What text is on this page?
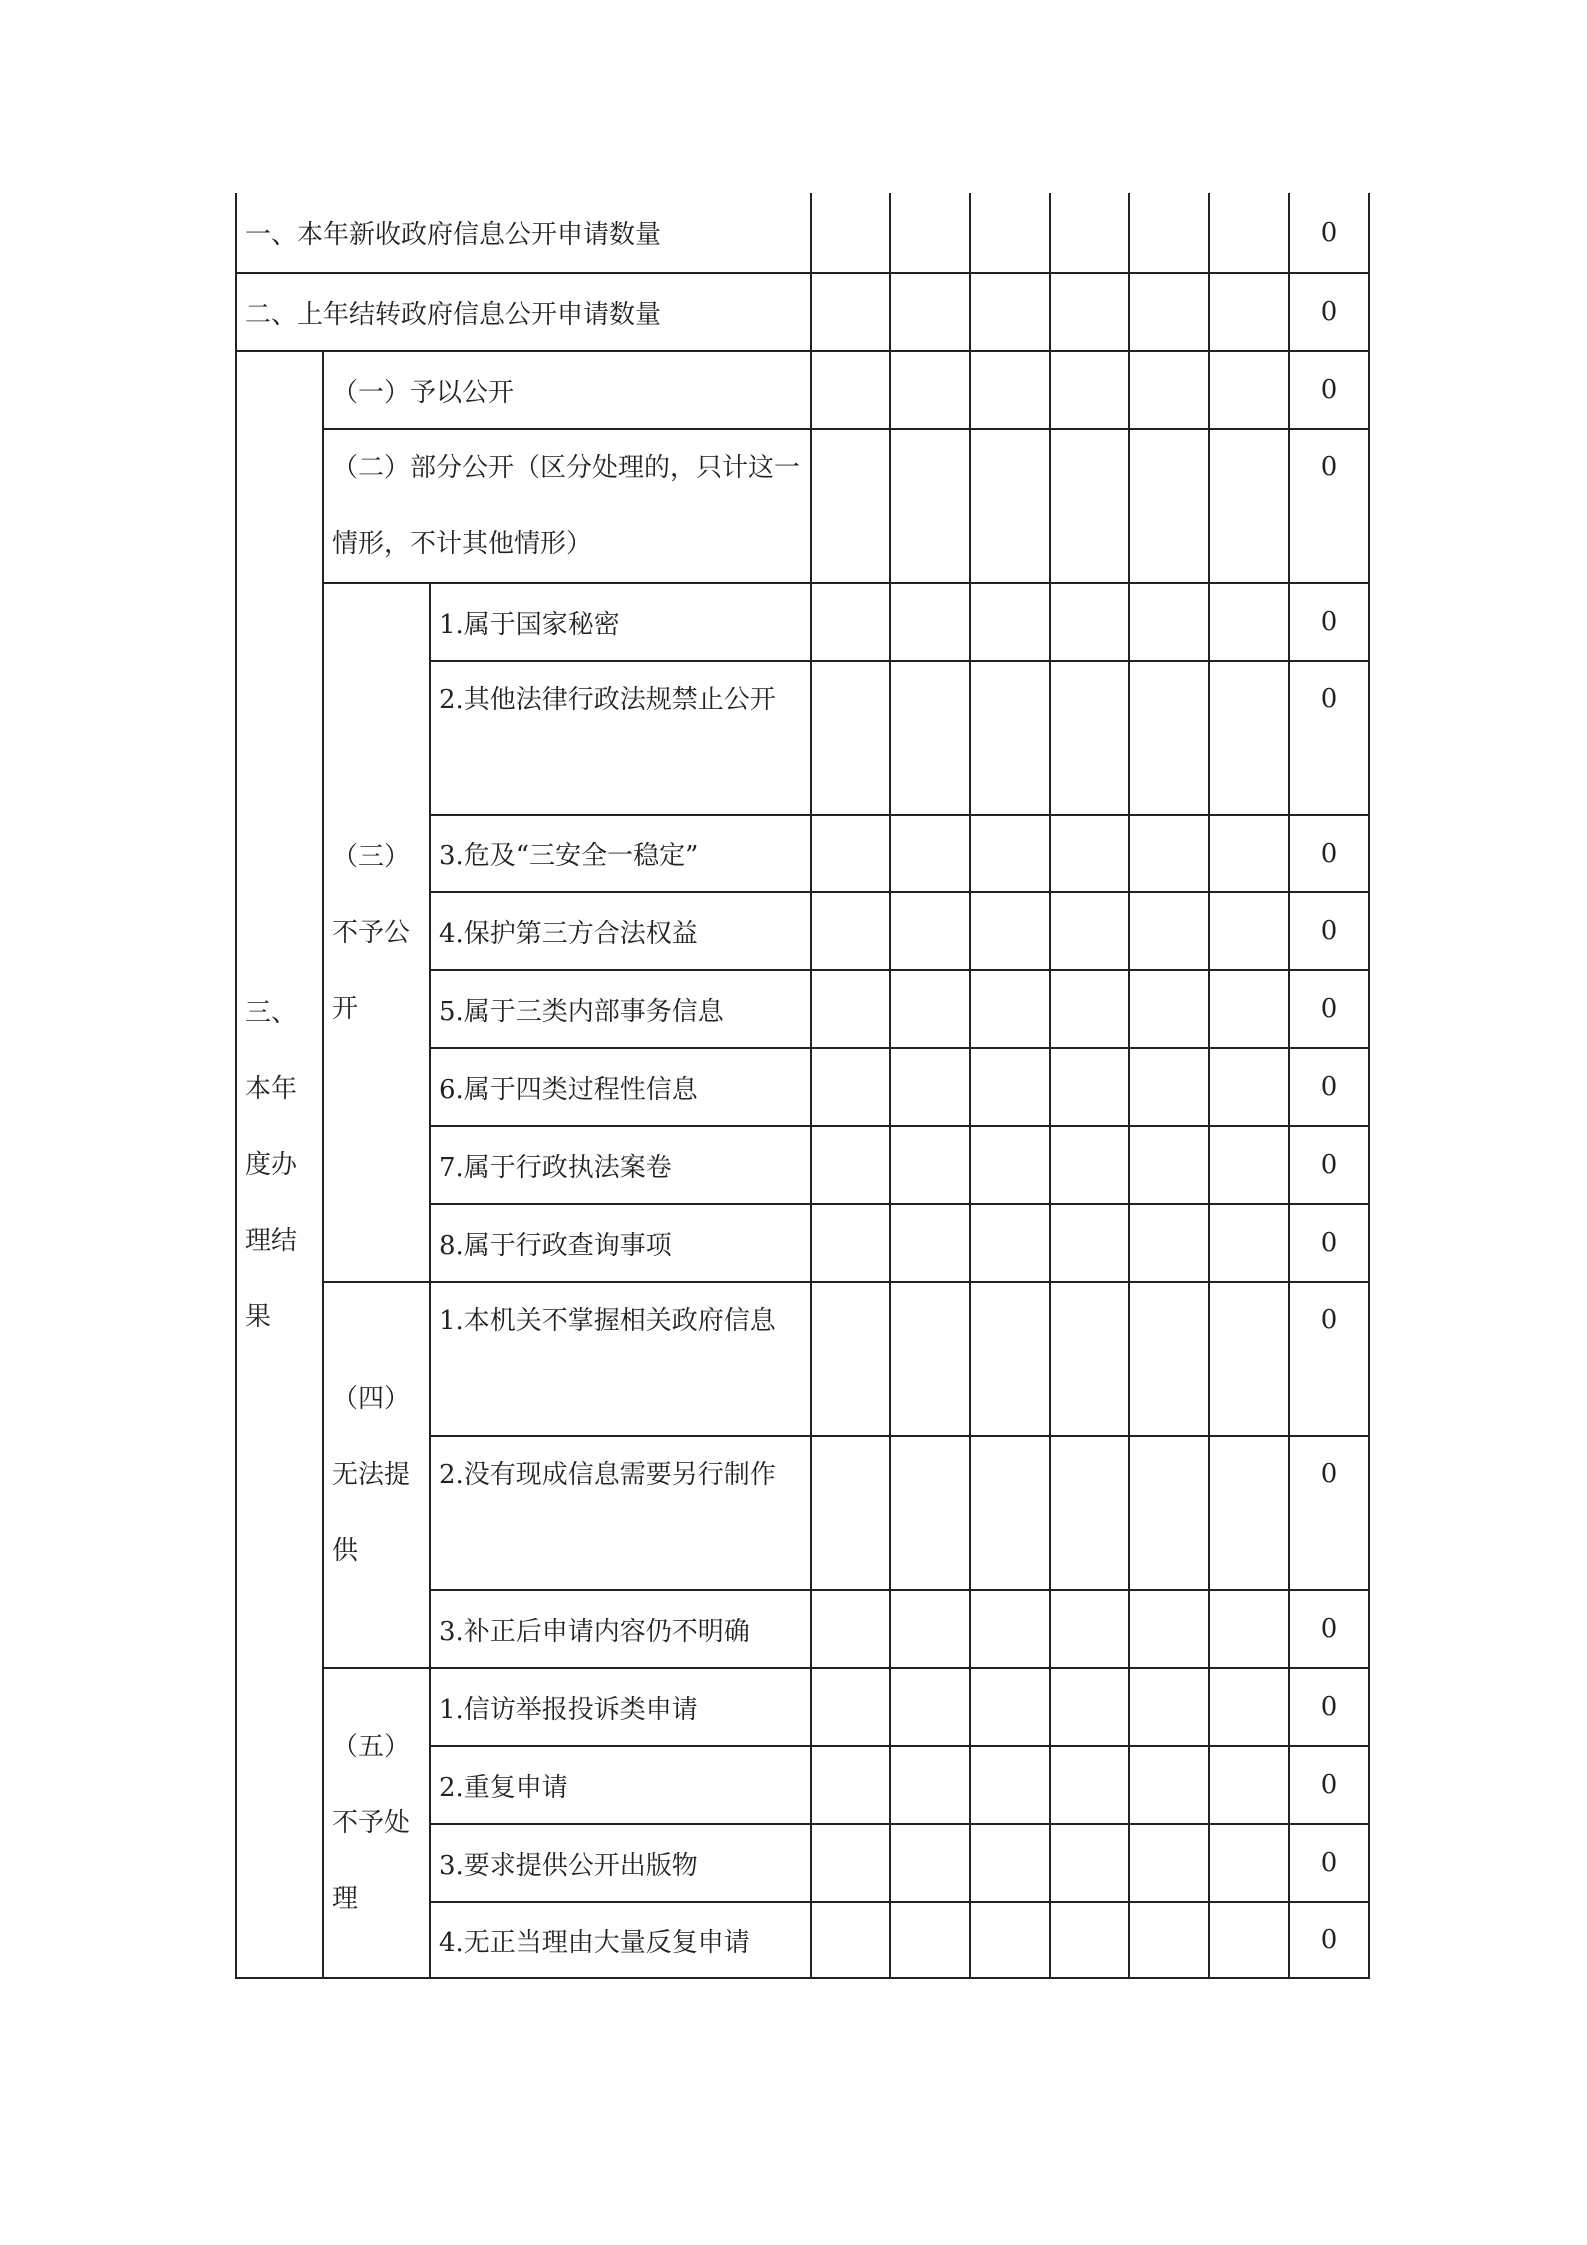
一、本年新收政府信息公开申请数量									0
二、上年结转政府信息公开申请数量									0
三、本年度办理结果	（一）予以公开								0
	（二）部分公开（区分处理的，只计这一情形，不计其他情形）								0
	（三）不予公开	1.属于国家秘密							0
		2.其他法律行政法规禁止公开							0
		3.危及“三安全一稳定”							0
		4.保护第三方合法权益							0
		5.属于三类内部事务信息							0
		6.属于四类过程性信息							0
		7.属于行政执法案卷							0
		8.属于行政查询事项							0
	（四）无法提供	1.本机关不掌握相关政府信息							0
		2.没有现成信息需要另行制作							0
		3.补正后申请内容仍不明确							0
	（五）不予处理	1.信访举报投诉类申请							0
		2.重复申请							0
		3.要求提供公开出版物							0
		4.无正当理由大量反复申请							0
